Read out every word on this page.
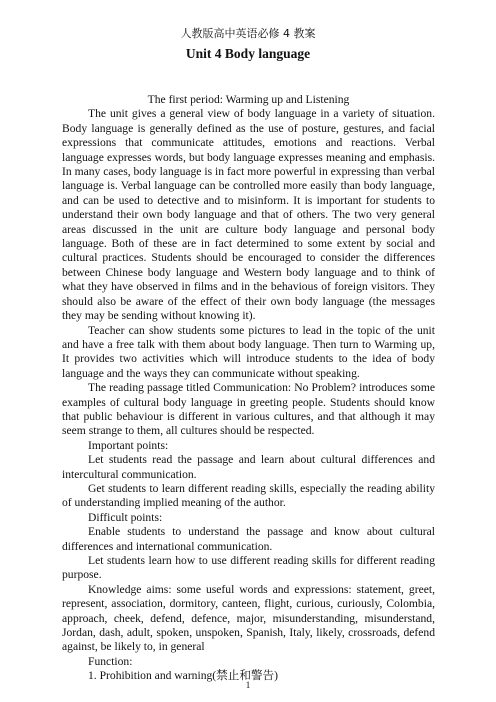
人教版高中英语必修 4 教案
Unit 4 Body language

The first period: Warming up and Listening

The unit gives a general view of body language in a variety of situation. Body language is generally defined as the use of posture, gestures, and facial expressions that communicate attitudes, emotions and reactions. Verbal language expresses words, but body language expresses meaning and emphasis. In many cases, body language is in fact more powerful in expressing than verbal language is. Verbal language can be controlled more easily than body language, and can be used to detective and to misinform. It is important for students to understand their own body language and that of others. The two very general areas discussed in the unit are culture body language and personal body language. Both of these are in fact determined to some extent by social and cultural practices. Students should be encouraged to consider the differences between Chinese body language and Western body language and to think of what they have observed in films and in the behavious of foreign visitors. They should also be aware of the effect of their own body language (the messages they may be sending without knowing it).

Teacher can show students some pictures to lead in the topic of the unit and have a free talk with them about body language. Then turn to Warming up, It provides two activities which will introduce students to the idea of body language and the ways they can communicate without speaking.

The reading passage titled Communication: No Problem? introduces some examples of cultural body language in greeting people. Students should know that public behaviour is different in various cultures, and that although it may seem strange to them, all cultures should be respected.

Important points:

Let students read the passage and learn about cultural differences and intercultural communication.

Get students to learn different reading skills, especially the reading ability of understanding implied meaning of the author.

Difficult points:

Enable students to understand the passage and know about cultural differences and international communication.

Let students learn how to use different reading skills for different reading purpose.

Knowledge aims: some useful words and expressions: statement, greet, represent, association, dormitory, canteen, flight, curious, curiously, Colombia, approach, cheek, defend, defence, major, misunderstanding, misunderstand, Jordan, dash, adult, spoken, unspoken, Spanish, Italy, likely, crossroads, defend against, be likely to, in general

Function:

1. Prohibition and warning(禁止和警告)

1
